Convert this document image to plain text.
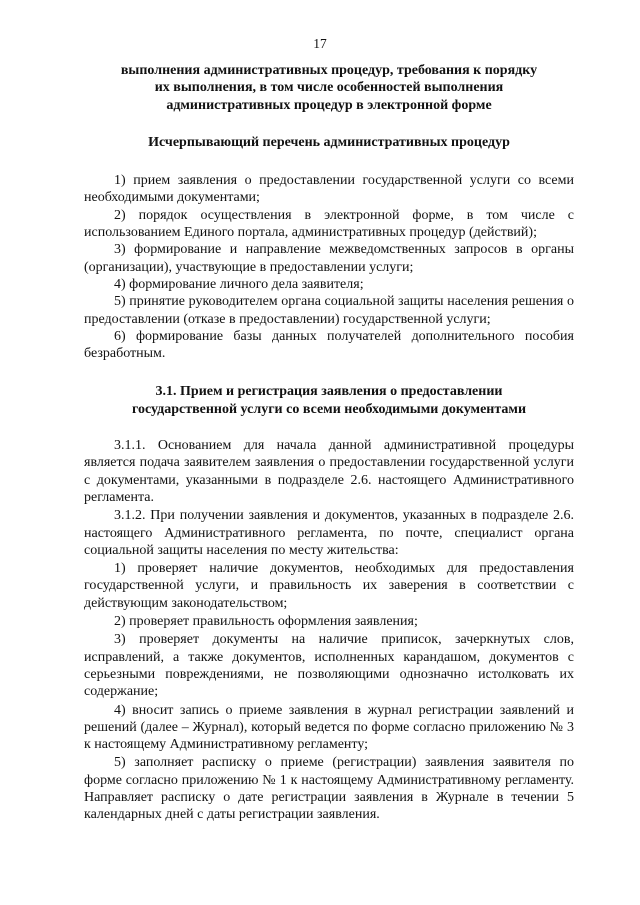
17
выполнения административных процедур, требования к порядку
их выполнения, в том числе особенностей выполнения
административных процедур в электронной форме
Исчерпывающий перечень административных процедур

1) прием заявления о предоставлении государственной услуги со всеми необходимыми документами;

2) порядок осуществления в электронной форме, в том числе с использованием Единого портала, административных процедур (действий);

3) формирование и направление межведомственных запросов в органы (организации), участвующие в предоставлении услуги;

4) формирование личного дела заявителя;

5) принятие руководителем органа социальной защиты населения решения о предоставлении (отказе в предоставлении) государственной услуги;

6) формирование базы данных получателей дополнительного пособия безработным.

3.1. Прием и регистрация заявления о предоставлении
государственной услуги со всеми необходимыми документами

3.1.1. Основанием для начала данной административной процедуры является подача заявителем заявления о предоставлении государственной услуги с документами, указанными в подразделе 2.6. настоящего Административного регламента.

3.1.2. При получении заявления и документов, указанных в подразделе 2.6. настоящего Административного регламента, по почте, специалист органа социальной защиты населения по месту жительства:

1) проверяет наличие документов, необходимых для предоставления государственной услуги, и правильность их заверения в соответствии с действующим законодательством;

2) проверяет правильность оформления заявления;

3) проверяет документы на наличие приписок, зачеркнутых слов, исправлений, а также документов, исполненных карандашом, документов с серьезными повреждениями, не позволяющими однозначно истолковать их содержание;

4) вносит запись о приеме заявления в журнал регистрации заявлений и решений (далее – Журнал), который ведется по форме согласно приложению № 3 к настоящему Административному регламенту;

5) заполняет расписку о приеме (регистрации) заявления заявителя по форме согласно приложению № 1 к настоящему Административному регламенту. Направляет расписку о дате регистрации заявления в Журнале в течении 5 календарных дней с даты регистрации заявления.
